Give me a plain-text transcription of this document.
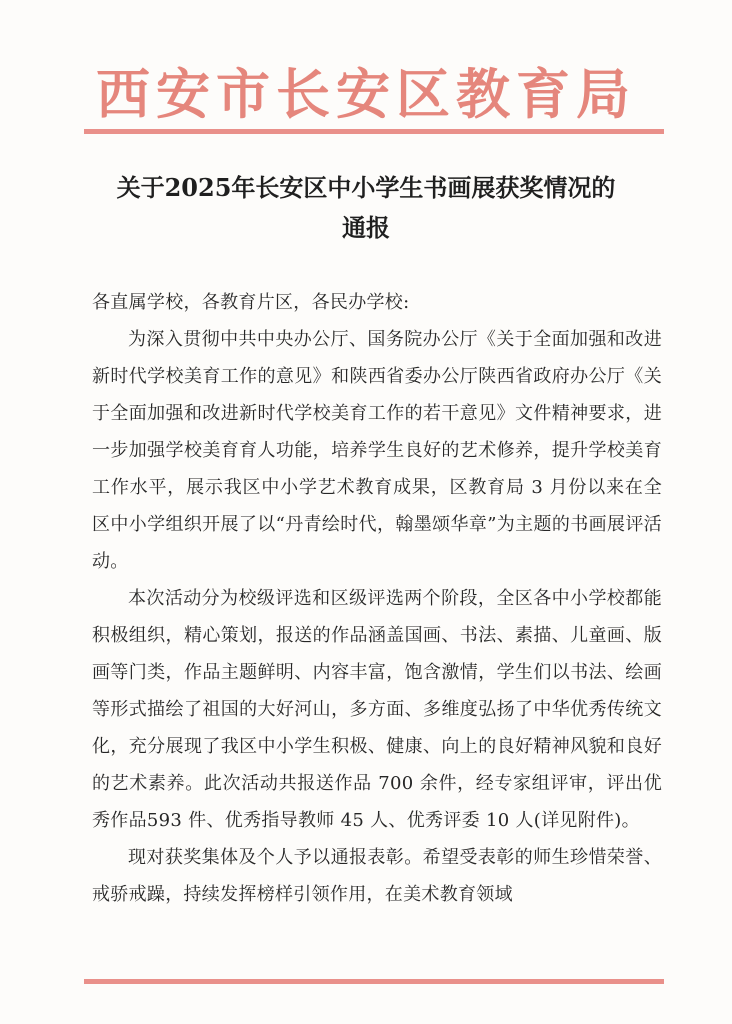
西安市长安区教育局
关于2025年长安区中小学生书画展获奖情况的
通报

各直属学校，各教育片区，各民办学校:

为深入贯彻中共中央办公厅、国务院办公厅《关于全面加强和改进新时代学校美育工作的意见》和陕西省委办公厅陕西省政府办公厅《关于全面加强和改进新时代学校美育工作的若干意见》文件精神要求，进一步加强学校美育育人功能，培养学生良好的艺术修养，提升学校美育工作水平，展示我区中小学艺术教育成果，区教育局 3 月份以来在全区中小学组织开展了以“丹青绘时代，翰墨颂华章”为主题的书画展评活动。

本次活动分为校级评选和区级评选两个阶段，全区各中小学校都能积极组织，精心策划，报送的作品涵盖国画、书法、素描、儿童画、版画等门类，作品主题鲜明、内容丰富，饱含激情，学生们以书法、绘画等形式描绘了祖国的大好河山，多方面、多维度弘扬了中华优秀传统文化，充分展现了我区中小学生积极、健康、向上的良好精神风貌和良好的艺术素养。此次活动共报送作品 700 余件，经专家组评审，评出优秀作品593 件、优秀指导教师 45 人、优秀评委 10 人(详见附件)。

现对获奖集体及个人予以通报表彰。希望受表彰的师生珍惜荣誉、戒骄戒躁，持续发挥榜样引领作用，在美术教育领域
